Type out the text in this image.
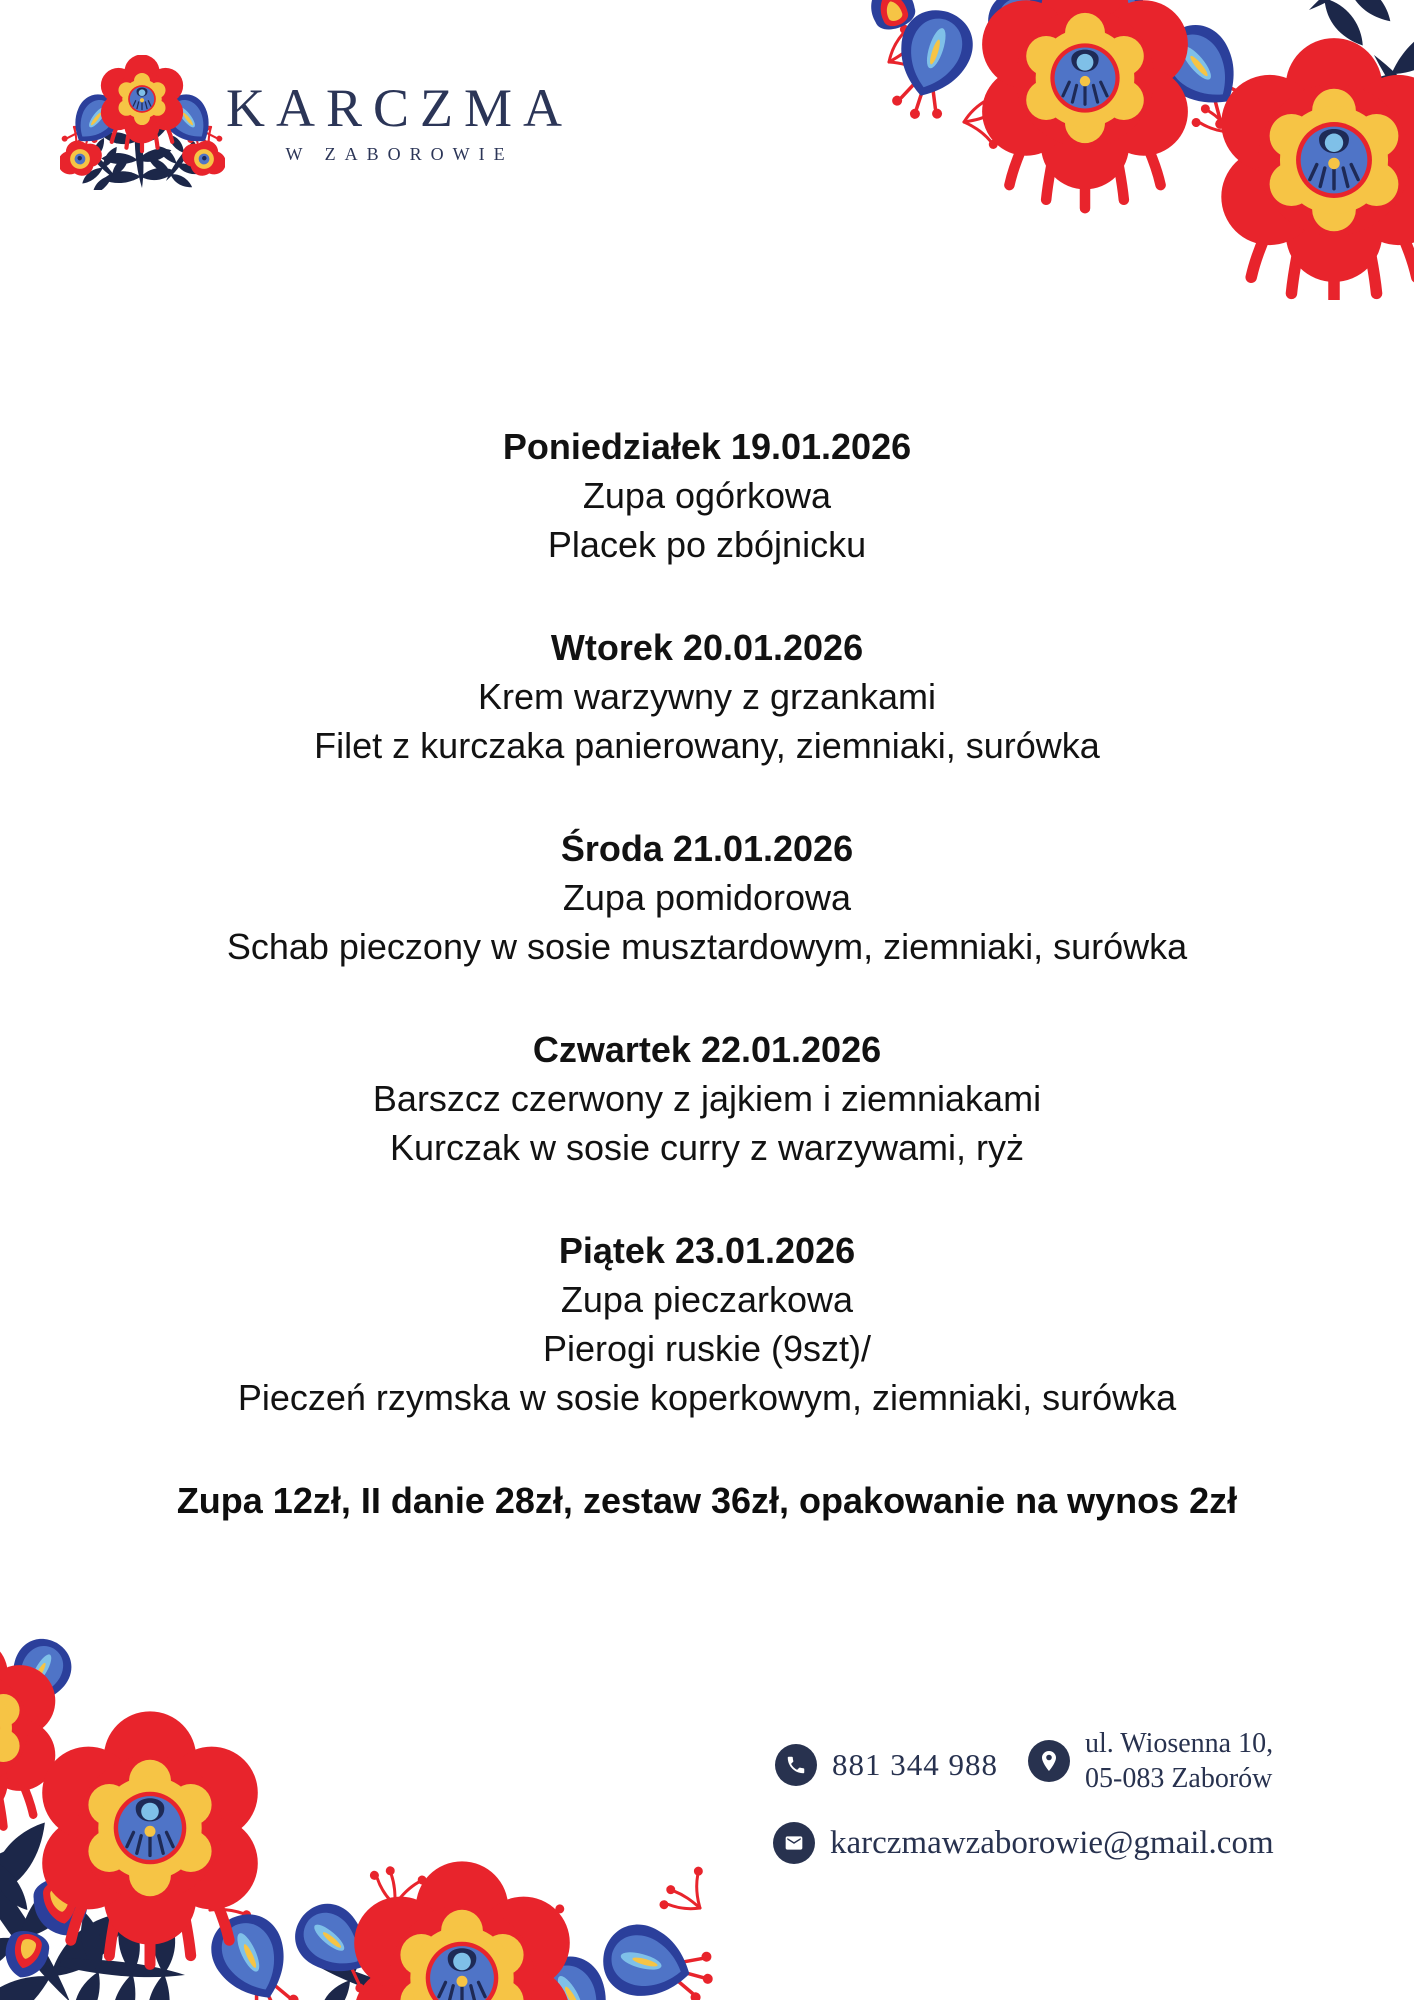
KARCZMA
W ZABOROWIE
Poniedziałek 19.01.2026
Zupa ogórkowa
Placek po zbójnicku
Wtorek 20.01.2026
Krem warzywny z grzankami
Filet z kurczaka panierowany, ziemniaki, surówka
Środa 21.01.2026
Zupa pomidorowa
Schab pieczony w sosie musztardowym, ziemniaki, surówka
Czwartek 22.01.2026
Barszcz czerwony z jajkiem i ziemniakami
Kurczak w sosie curry z warzywami, ryż
Piątek 23.01.2026
Zupa pieczarkowa
Pierogi ruskie (9szt)/
Pieczeń rzymska w sosie koperkowym, ziemniaki, surówka
Zupa 12zł, II danie 28zł, zestaw 36zł, opakowanie na wynos 2zł
881 344 988
ul. Wiosenna 10,
05-083 Zaborów
karczmawzaborowie@gmail.com
